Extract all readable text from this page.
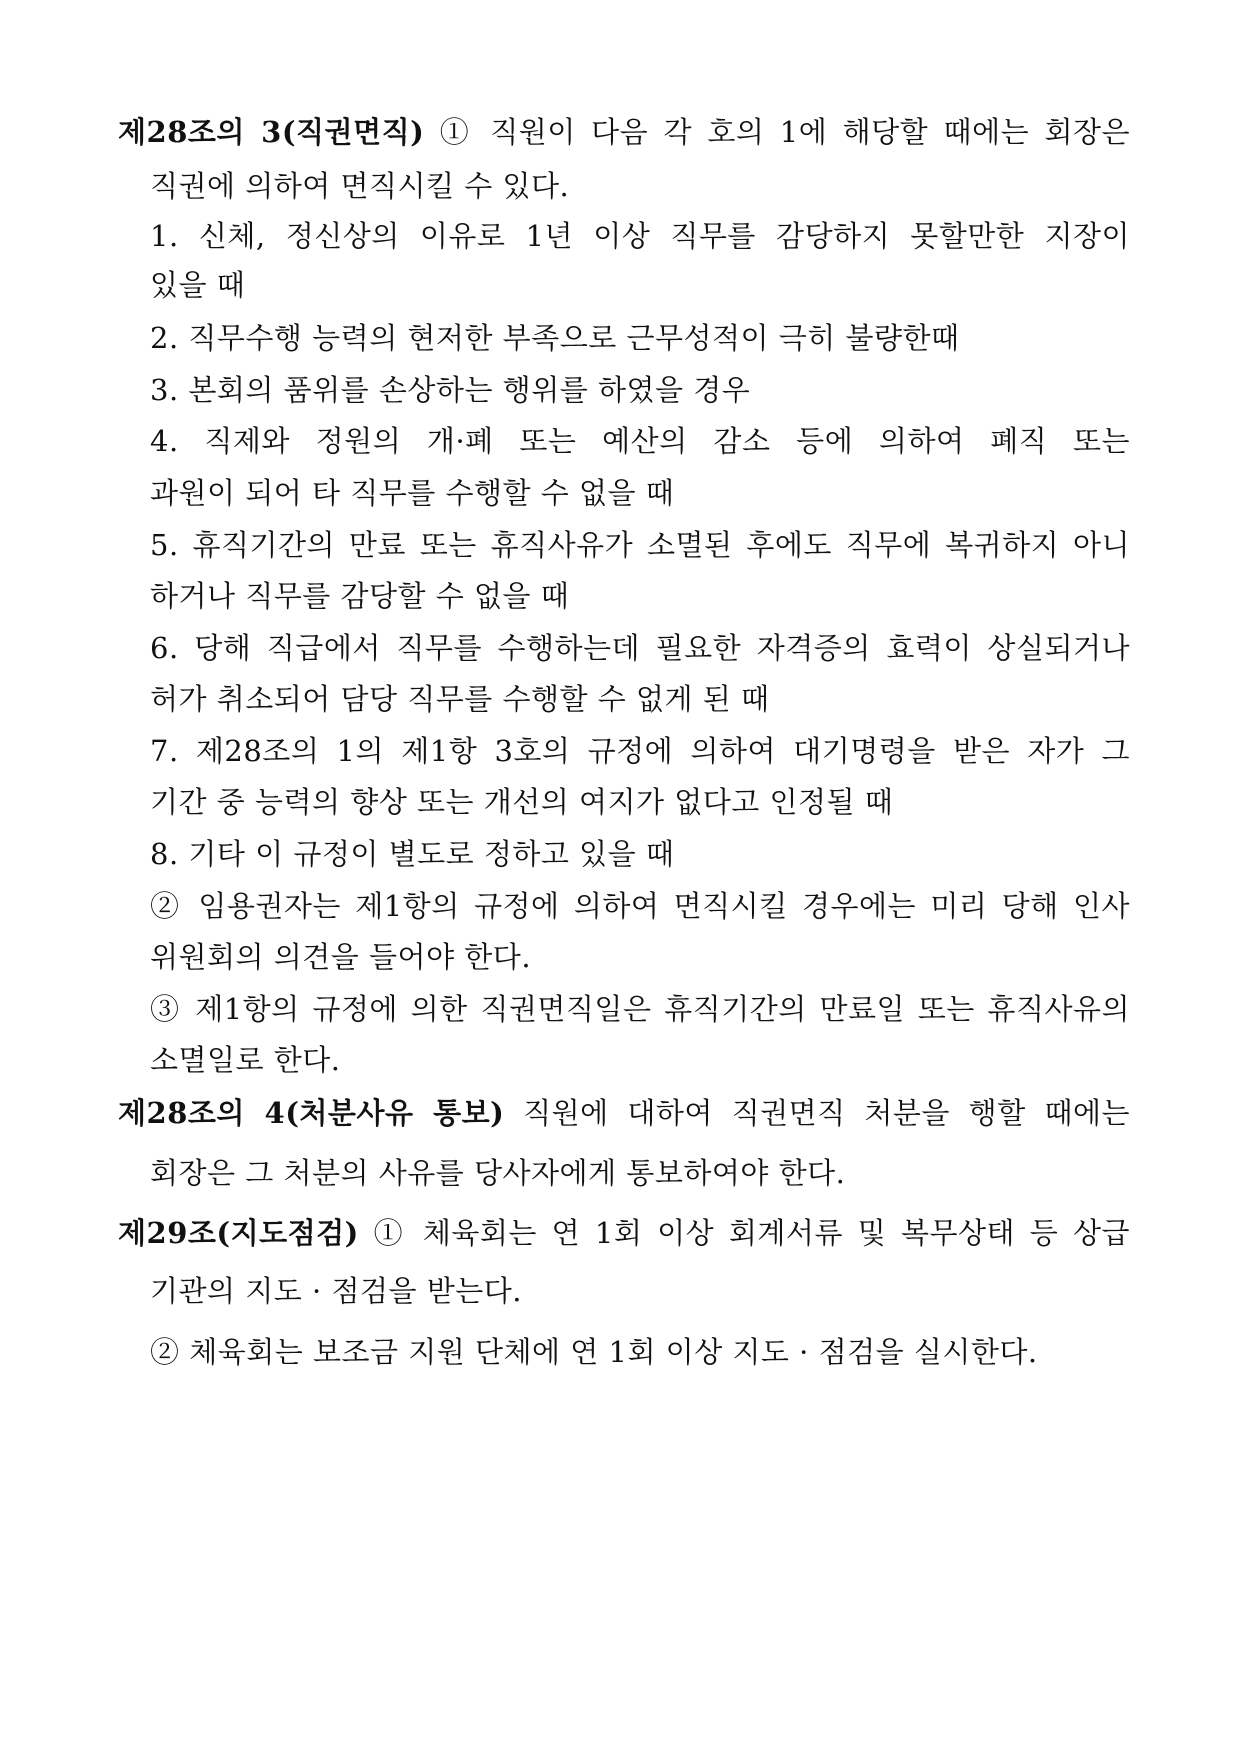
제28조의 3(직권면직) ① 직원이 다음 각 호의 1에 해당할 때에는 회장은
직권에 의하여 면직시킬 수 있다.
1. 신체, 정신상의 이유로 1년 이상 직무를 감당하지 못할만한 지장이
있을 때
2. 직무수행 능력의 현저한 부족으로 근무성적이 극히 불량한때
3. 본회의 품위를 손상하는 행위를 하였을 경우
4. 직제와 정원의 개·폐 또는 예산의 감소 등에 의하여 폐직 또는
과원이 되어 타 직무를 수행할 수 없을 때
5. 휴직기간의 만료 또는 휴직사유가 소멸된 후에도 직무에 복귀하지 아니
하거나 직무를 감당할 수 없을 때
6. 당해 직급에서 직무를 수행하는데 필요한 자격증의 효력이 상실되거나
허가 취소되어 담당 직무를 수행할 수 없게 된 때
7. 제28조의 1의 제1항 3호의 규정에 의하여 대기명령을 받은 자가 그
기간 중 능력의 향상 또는 개선의 여지가 없다고 인정될 때
8. 기타 이 규정이 별도로 정하고 있을 때
② 임용권자는 제1항의 규정에 의하여 면직시킬 경우에는 미리 당해 인사
위원회의 의견을 들어야 한다.
③ 제1항의 규정에 의한 직권면직일은 휴직기간의 만료일 또는 휴직사유의
소멸일로 한다.
제28조의 4(처분사유 통보) 직원에 대하여 직권면직 처분을 행할 때에는
회장은 그 처분의 사유를 당사자에게 통보하여야 한다.
제29조(지도점검) ① 체육회는 연 1회 이상 회계서류 및 복무상태 등 상급
기관의 지도 · 점검을 받는다.
② 체육회는 보조금 지원 단체에 연 1회 이상 지도 · 점검을 실시한다.
